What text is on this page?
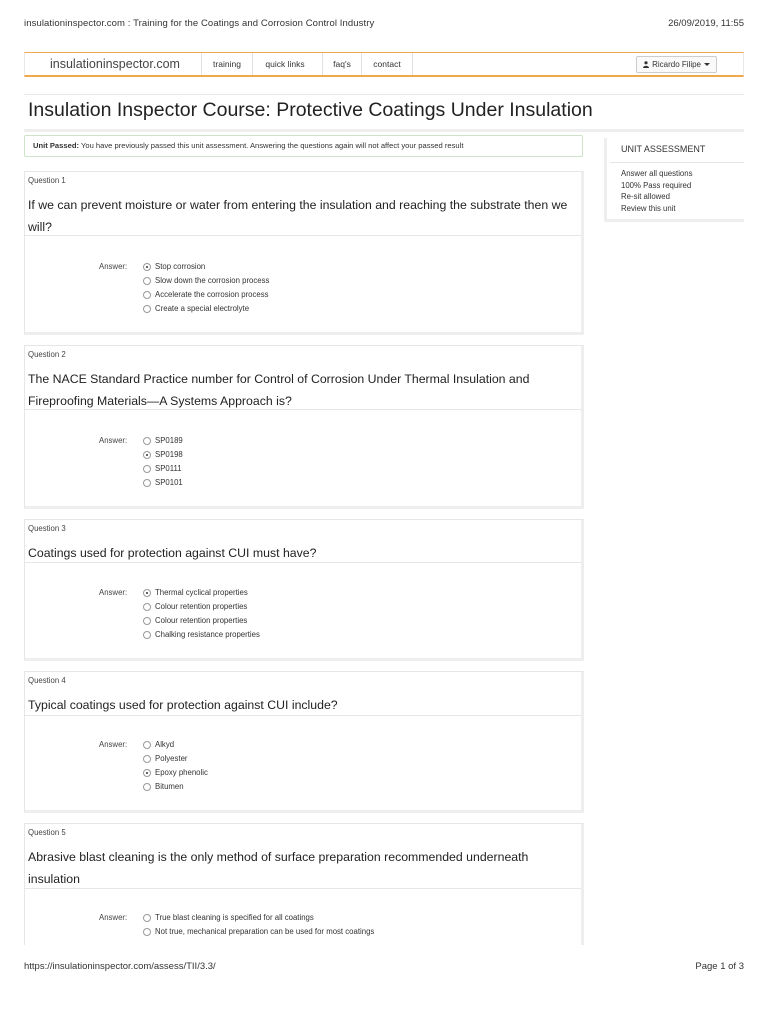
insulationinspector.com : Training for the Coatings and Corrosion Control Industry	26/09/2019, 11:55
insulationinspector.com	training	quick links	faq's	contact	Ricardo Filipe
Insulation Inspector Course: Protective Coatings Under Insulation
Unit Passed: You have previously passed this unit assessment. Answering the questions again will not affect your passed result	UNIT ASSESSMENT
Answer all questions
100% Pass required
Re-sit allowed
Review this unit
Question 1
If we can prevent moisture or water from entering the insulation and reaching the substrate then we will?
Answer:	Stop corrosion
Slow down the corrosion process
Accelerate the corrosion process
Create a special electrolyte
Question 2
The NACE Standard Practice number for Control of Corrosion Under Thermal Insulation and Fireproofing Materials—A Systems Approach is?
Answer:	SP0189
SP0198
SP0111
SP0101
Question 3
Coatings used for protection against CUI must have?
Answer:	Thermal cyclical properties
Colour retention properties
Colour retention properties
Chalking resistance properties
Question 4
Typical coatings used for protection against CUI include?
Answer:	Alkyd
Polyester
Epoxy phenolic
Bitumen
Question 5
Abrasive blast cleaning is the only method of surface preparation recommended underneath insulation
Answer:	True blast cleaning is specified for all coatings
Not true, mechanical preparation can be used for most coatings
https://insulationinspector.com/assess/TII/3.3/	Page 1 of 3
